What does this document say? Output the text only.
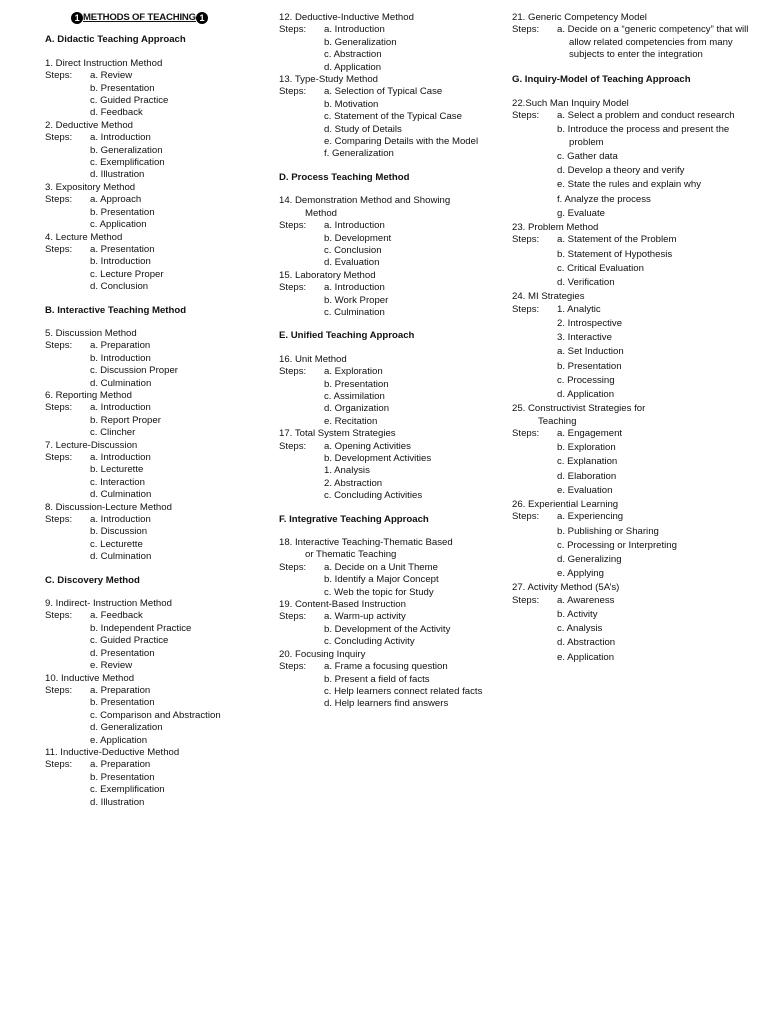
1 METHODS OF TEACHING 1
A. Didactic Teaching Approach
1. Direct Instruction Method
Steps:	a. Review
b. Presentation
c. Guided Practice
d. Feedback
2. Deductive Method
Steps:	a. Introduction
b. Generalization
c. Exemplification
d. Illustration
3. Expository Method
Steps:	a. Approach
b. Presentation
c. Application
4. Lecture Method
Steps:	a. Presentation
b. Introduction
c. Lecture Proper
d. Conclusion
B. Interactive Teaching Method
5. Discussion Method
Steps:	a. Preparation
b. Introduction
c. Discussion Proper
d. Culmination
6. Reporting Method
Steps:	a. Introduction
b. Report Proper
c. Clincher
7. Lecture-Discussion
Steps:	a. Introduction
b. Lecturette
c. Interaction
d. Culmination
8. Discussion-Lecture Method
Steps:	a. Introduction
b. Discussion
c. Lecturette
d. Culmination
C. Discovery Method
9. Indirect- Instruction Method
Steps:	a. Feedback
b. Independent Practice
c. Guided Practice
d. Presentation
e. Review
10. Inductive Method
Steps:	a. Preparation
b. Presentation
c. Comparison and Abstraction
d. Generalization
e. Application
11. Inductive-Deductive Method
Steps:	a. Preparation
b. Presentation
c. Exemplification
d. Illustration
12. Deductive-Inductive Method
Steps:	a. Introduction
b. Generalization
c. Abstraction
d. Application
13. Type-Study Method
Steps:	a. Selection of Typical Case
b. Motivation
c. Statement of the Typical Case
d. Study of Details
e. Comparing Details with the Model
f. Generalization
D. Process Teaching Method
14. Demonstration Method and Showing
Method
Steps:	a. Introduction
b. Development
c. Conclusion
d. Evaluation
15. Laboratory Method
Steps:	a. Introduction
b. Work Proper
c. Culmination
E. Unified Teaching Approach
16. Unit Method
Steps:	a. Exploration
b. Presentation
c. Assimilation
d. Organization
e. Recitation
17. Total System Strategies
Steps:	a. Opening Activities
b. Development Activities
1. Analysis
2. Abstraction
c. Concluding Activities
F. Integrative Teaching Approach
18. Interactive Teaching-Thematic Based
or Thematic Teaching
Steps:	a. Decide on a Unit Theme
b. Identify a Major Concept
c. Web the topic for Study
19. Content-Based Instruction
Steps:	a. Warm-up activity
b. Development of the Activity
c. Concluding Activity
20. Focusing Inquiry
Steps:	a. Frame a focusing question
b. Present a field of facts
c. Help learners connect related facts
d. Help learners find answers
21. Generic Competency Model
Steps:	a. Decide on a “generic competency” that will allow related competencies from many subjects to enter the integration
G. Inquiry-Model of Teaching Approach
22.Such Man Inquiry Model
Steps:	a. Select a problem and conduct research
b. Introduce the process and present the problem
c. Gather data
d. Develop a theory and verify
e. State the rules and explain why
f. Analyze the process
g. Evaluate
23. Problem Method
Steps:	a. Statement of the Problem
b. Statement of Hypothesis
c. Critical Evaluation
d. Verification
24. MI Strategies
Steps:	1. Analytic
2. Introspective
3. Interactive
a. Set Induction
b. Presentation
c. Processing
d. Application
25. Constructivist Strategies for
Teaching
Steps:	a. Engagement
b. Exploration
c. Explanation
d. Elaboration
e. Evaluation
26. Experiential Learning
Steps:	a. Experiencing
b. Publishing or Sharing
c. Processing or Interpreting
d. Generalizing
e. Applying
27. Activity Method (5A’s)
Steps:	a. Awareness
b. Activity
c. Analysis
d. Abstraction
e. Application
